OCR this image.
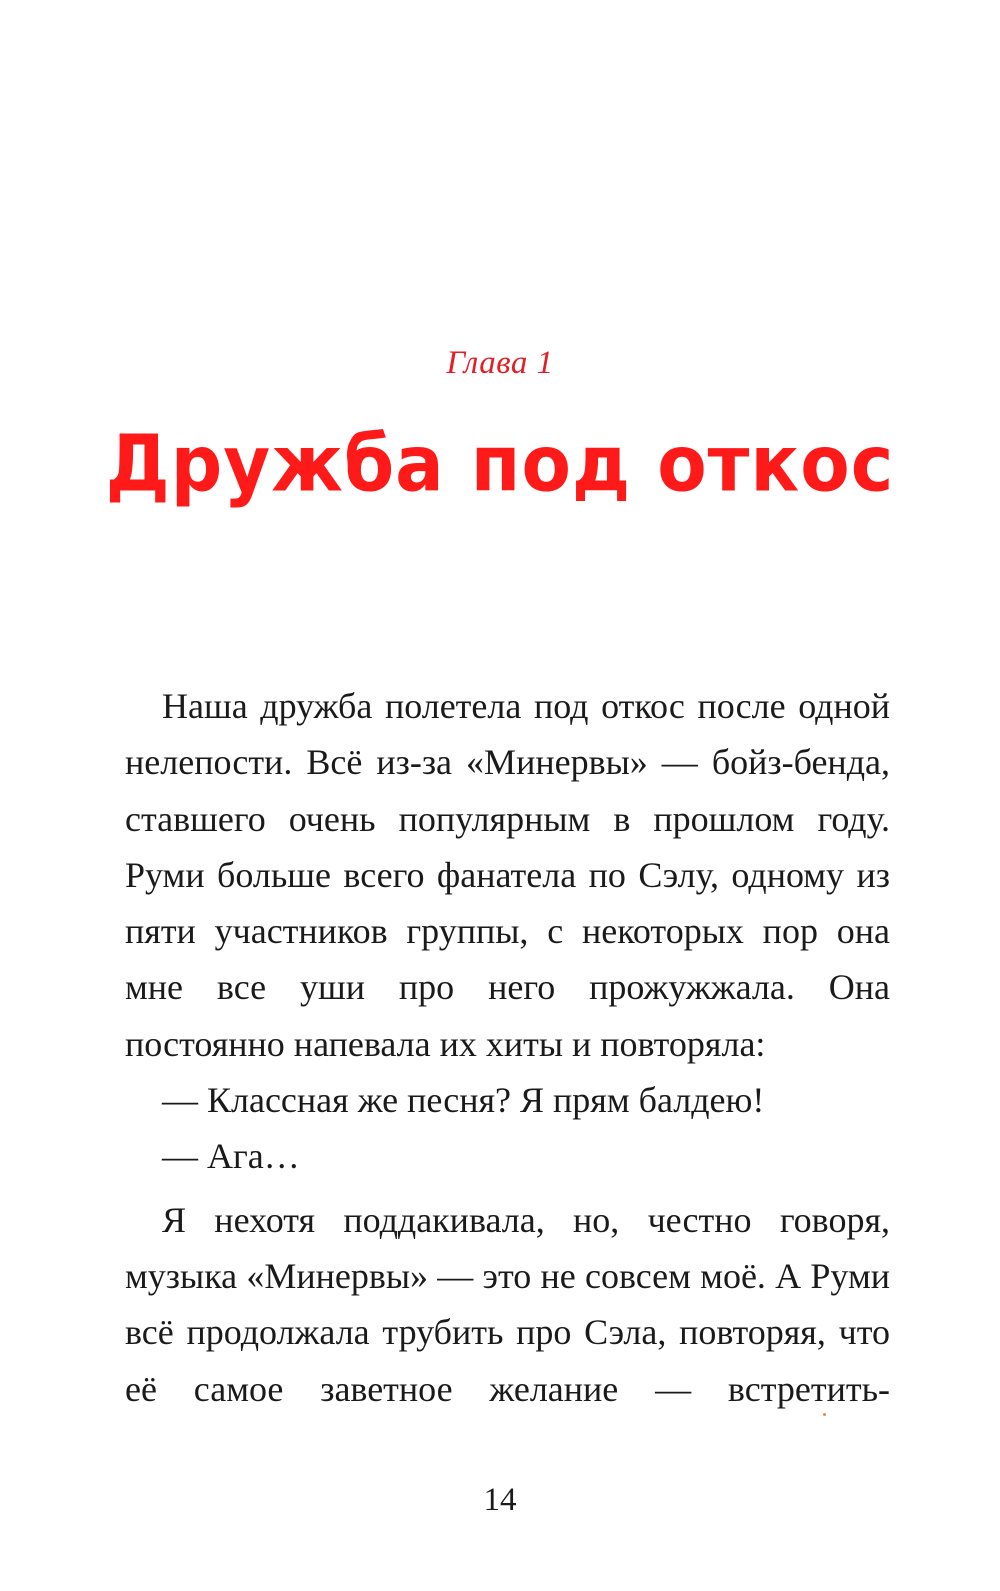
Глава 1
Дружба под откос

Наша дружба полетела под откос после одной нелепости. Всё из-за «Минервы» — бойз-бенда, ставшего очень популярным в прошлом году. Руми больше всего фанатела по Сэлу, одному из пяти участников группы, с некоторых пор она мне все уши про него прожужжала. Она постоянно напевала их хиты и повторяла:

— Классная же песня? Я прям балдею!

— Ага…

Я нехотя поддакивала, но, честно говоря, музыка «Минервы» — это не совсем моё. А Руми всё продолжала трубить про Сэла, повторяя, что её самое заветное желание — встретить-

14
